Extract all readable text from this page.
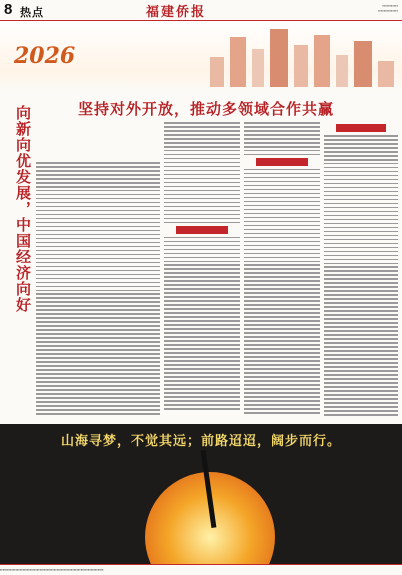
8 热点	福建侨报	▪▪▪▪▪▪▪▪▪▪▪
▪▪▪▪▪▪▪▪▪▪▪▪▪▪
2026
坚持对外开放，推动多领域合作共赢
向新向优发展，中国经济向好

山海寻梦，不觉其远；前路迢迢，阔步而行。
▪▪▪▪▪▪▪▪▪▪▪▪▪▪▪▪▪▪▪▪▪▪▪▪▪▪▪▪▪▪▪▪▪▪▪▪▪▪▪▪▪▪▪▪▪▪▪▪▪▪▪▪▪▪▪▪▪▪▪▪▪▪▪▪▪▪▪▪▪▪▪▪▪
